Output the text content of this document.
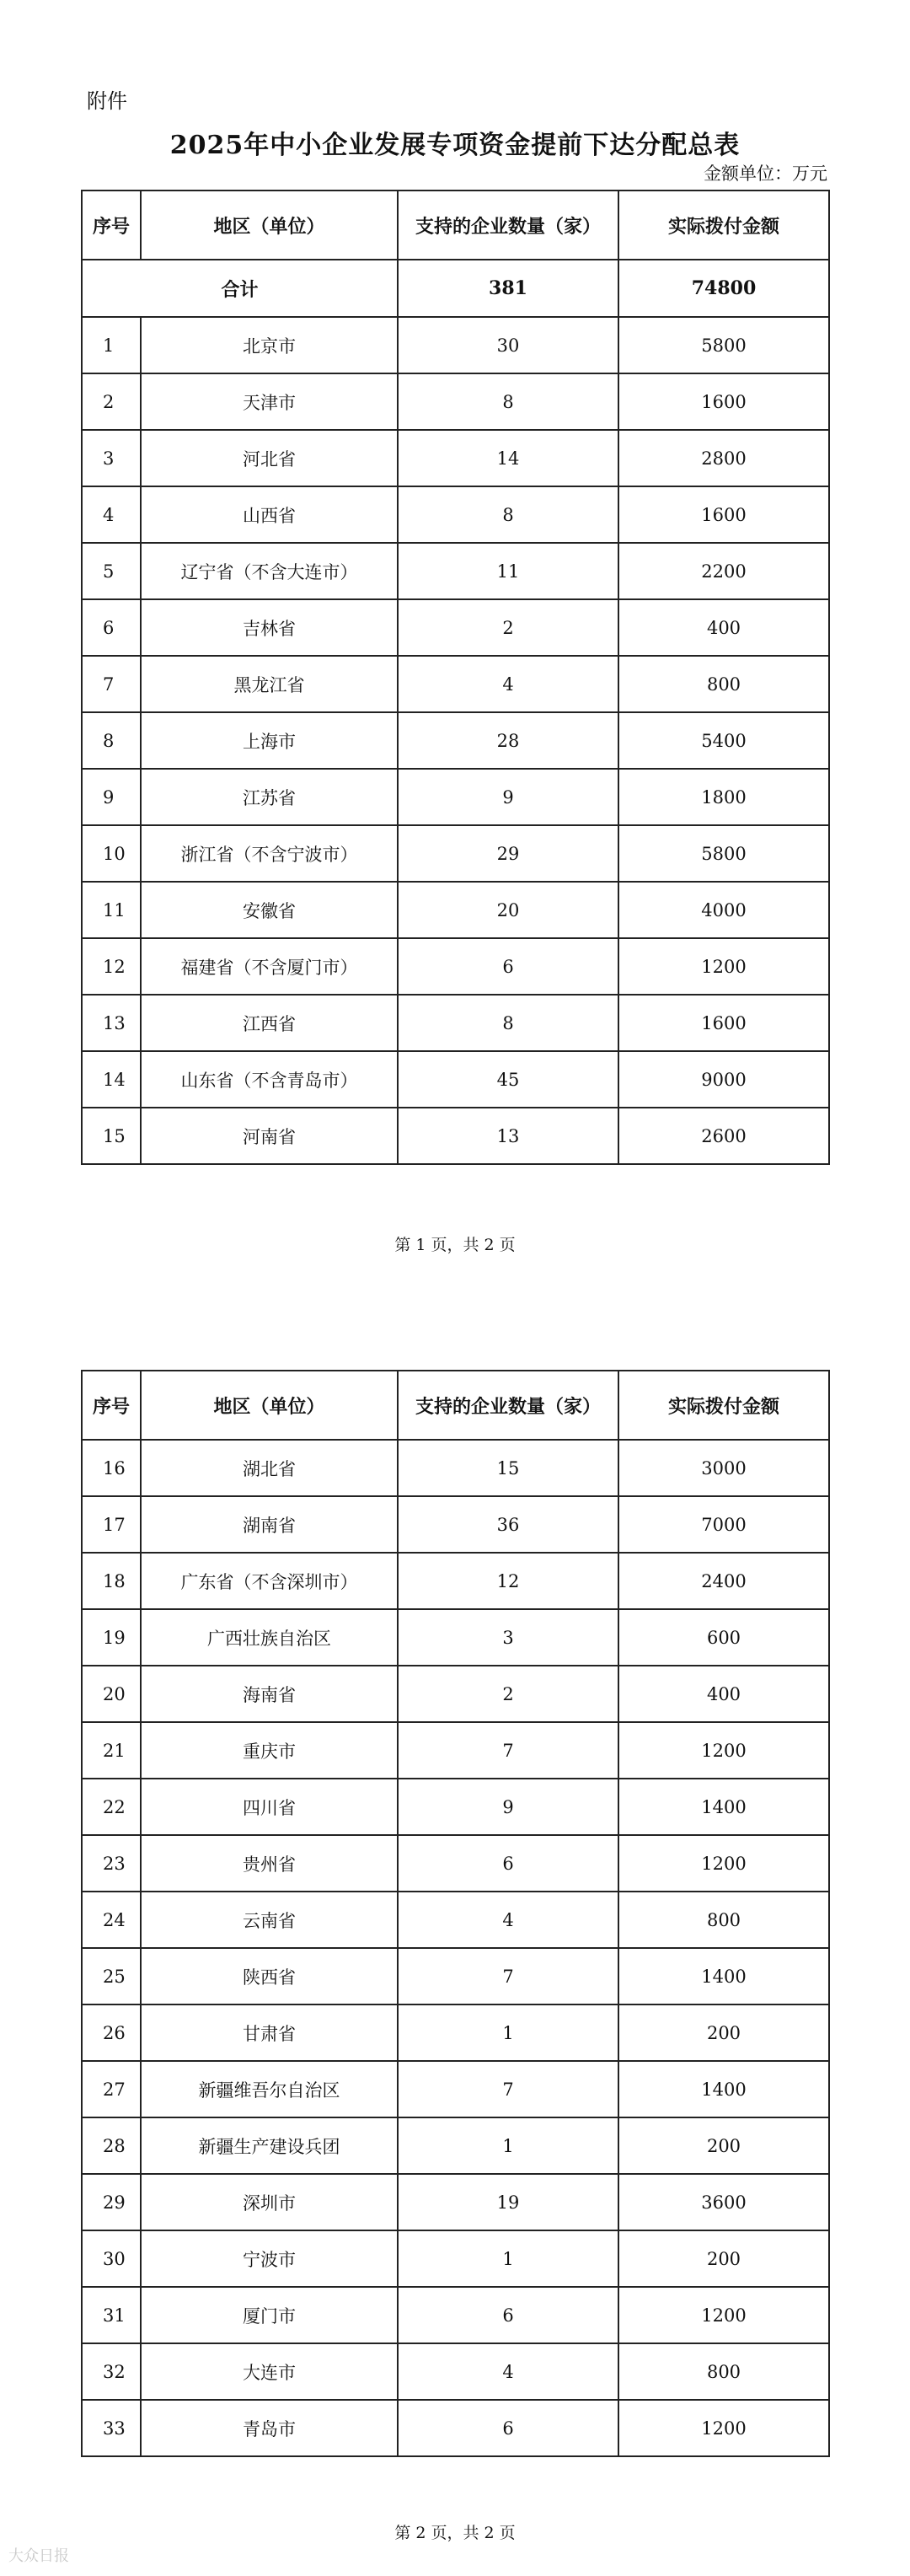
附件
2025年中小企业发展专项资金提前下达分配总表
金额单位：万元
序号	地区（单位）	支持的企业数量（家）	实际拨付金额
合计		381	74800
1	北京市	30	5800
2	天津市	8	1600
3	河北省	14	2800
4	山西省	8	1600
5	辽宁省（不含大连市）	11	2200
6	吉林省	2	400
7	黑龙江省	4	800
8	上海市	28	5400
9	江苏省	9	1800
10	浙江省（不含宁波市）	29	5800
11	安徽省	20	4000
12	福建省（不含厦门市）	6	1200
13	江西省	8	1600
14	山东省（不含青岛市）	45	9000
15	河南省	13	2600
第 1 页，共 2 页
序号	地区（单位）	支持的企业数量（家）	实际拨付金额
16	湖北省	15	3000
17	湖南省	36	7000
18	广东省（不含深圳市）	12	2400
19	广西壮族自治区	3	600
20	海南省	2	400
21	重庆市	7	1200
22	四川省	9	1400
23	贵州省	6	1200
24	云南省	4	800
25	陕西省	7	1400
26	甘肃省	1	200
27	新疆维吾尔自治区	7	1400
28	新疆生产建设兵团	1	200
29	深圳市	19	3600
30	宁波市	1	200
31	厦门市	6	1200
32	大连市	4	800
33	青岛市	6	1200
第 2 页，共 2 页
大众日报
